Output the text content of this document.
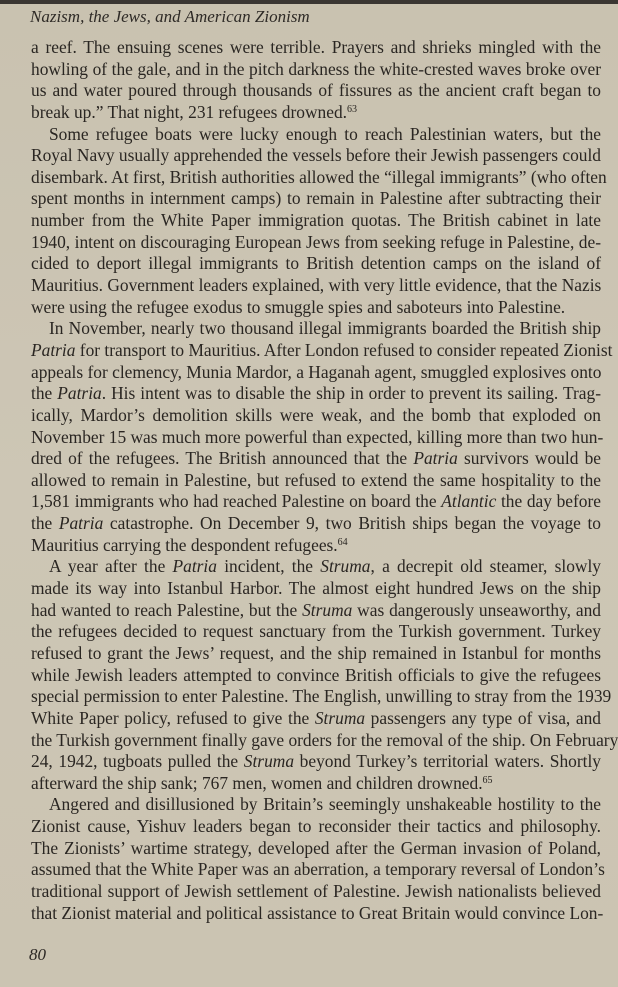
Nazism, the Jews, and American Zionism
a reef. The ensuing scenes were terrible. Prayers and shrieks mingled with the
howling of the gale, and in the pitch darkness the white-crested waves broke over
us and water poured through thousands of fissures as the ancient craft began to
break up.” That night, 231 refugees drowned.$^{63}$
Some refugee boats were lucky enough to reach Palestinian waters, but the
Royal Navy usually apprehended the vessels before their Jewish passengers could
disembark. At first, British authorities allowed the “illegal immigrants” (who often
spent months in internment camps) to remain in Palestine after subtracting their
number from the White Paper immigration quotas. The British cabinet in late
1940, intent on discouraging European Jews from seeking refuge in Palestine, de-
cided to deport illegal immigrants to British detention camps on the island of
Mauritius. Government leaders explained, with very little evidence, that the Nazis
were using the refugee exodus to smuggle spies and saboteurs into Palestine.
In November, nearly two thousand illegal immigrants boarded the British ship
Patria for transport to Mauritius. After London refused to consider repeated Zionist
appeals for clemency, Munia Mardor, a Haganah agent, smuggled explosives onto
the Patria. His intent was to disable the ship in order to prevent its sailing. Trag-
ically, Mardor’s demolition skills were weak, and the bomb that exploded on
November 15 was much more powerful than expected, killing more than two hun-
dred of the refugees. The British announced that the Patria survivors would be
allowed to remain in Palestine, but refused to extend the same hospitality to the
1,581 immigrants who had reached Palestine on board the Atlantic the day before
the Patria catastrophe. On December 9, two British ships began the voyage to
Mauritius carrying the despondent refugees.$^{64}$
A year after the Patria incident, the Struma, a decrepit old steamer, slowly
made its way into Istanbul Harbor. The almost eight hundred Jews on the ship
had wanted to reach Palestine, but the Struma was dangerously unseaworthy, and
the refugees decided to request sanctuary from the Turkish government. Turkey
refused to grant the Jews’ request, and the ship remained in Istanbul for months
while Jewish leaders attempted to convince British officials to give the refugees
special permission to enter Palestine. The English, unwilling to stray from the 1939
White Paper policy, refused to give the Struma passengers any type of visa, and
the Turkish government finally gave orders for the removal of the ship. On February
24, 1942, tugboats pulled the Struma beyond Turkey’s territorial waters. Shortly
afterward the ship sank; 767 men, women and children drowned.$^{65}$
Angered and disillusioned by Britain’s seemingly unshakeable hostility to the
Zionist cause, Yishuv leaders began to reconsider their tactics and philosophy.
The Zionists’ wartime strategy, developed after the German invasion of Poland,
assumed that the White Paper was an aberration, a temporary reversal of London’s
traditional support of Jewish settlement of Palestine. Jewish nationalists believed
that Zionist material and political assistance to Great Britain would convince Lon-
80
